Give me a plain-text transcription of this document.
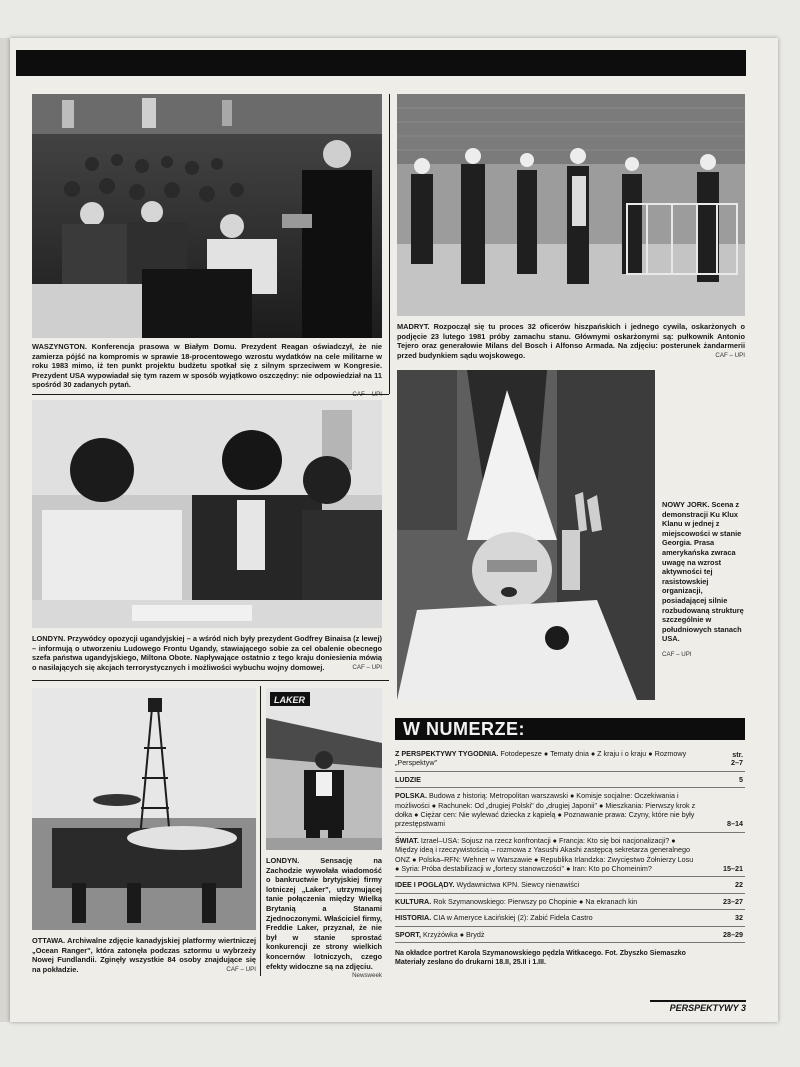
WASZYNGTON. Konferencja prasowa w Białym Domu. Prezydent Reagan oświadczył, że nie zamierza pójść na kompromis w sprawie 18-procentowego wzrostu wydatków na cele militarne w roku 1983 mimo, iż ten punkt projektu budżetu spotkał się z silnym sprzeciwem w Kongresie. Prezydent USA wypowiadał się tym razem w sposób wyjątkowo oszczędny: nie odpowiedział na 11 spośród 30 zadanych pytań.
MADRYT. Rozpoczął się tu proces 32 oficerów hiszpańskich i jednego cywila, oskarżonych o podjęcie 23 lutego 1981 próby zamachu stanu. Głównymi oskarżonymi są: pułkownik Antonio Tejero oraz generałowie Milans del Bosch i Alfonso Armada. Na zdjęciu: posterunek żandarmerii przed budynkiem sądu wojskowego.	CAF – UPI
LONDYN. Przywódcy opozycji ugandyjskiej – a wśród nich były prezydent Godfrey Binaisa (z lewej) – informują o utworzeniu Ludowego Frontu Ugandy, stawiającego sobie za cel obalenie obecnego szefa państwa ugandyjskiego, Miltona Obote. Napływające ostatnio z tego kraju doniesienia mówią o nasilających się akcjach terrorystycznych i możliwości wybuchu wojny domowej.	CAF – UPI
NOWY JORK. Scena z demonstracji Ku Klux Klanu w jednej z miejscowości w stanie Georgia. Prasa amerykańska zwraca uwagę na wzrost aktywności tej rasistowskiej organizacji, posiadającej silnie rozbudowaną strukturę szczególnie w południowych stanach USA.
CAF – UPI
OTTAWA. Archiwalne zdjęcie kanadyjskiej platformy wiertniczej „Ocean Ranger", która zatonęła podczas sztormu u wybrzeży Nowej Fundlandii. Zginęły wszystkie 84 osoby znajdujące się na pokładzie.	CAF – UPI
LAKER
LONDYN. Sensację na Zachodzie wywołała wiadomość o bankructwie brytyjskiej firmy lotniczej „Laker", utrzymującej tanie połączenia między Wielką Brytanią a Stanami Zjednoczonymi. Właściciel firmy, Freddie Laker, przyznał, że nie był w stanie sprostać konkurencji ze strony wielkich koncernów lotniczych, czego efekty widoczne są na zdjęciu.
Newsweek
W NUMERZE:
str.
Z PERSPEKTYWY TYGODNIA. Fotodepesze ● Tematy dnia ● Z kraju i o kraju ● Rozmowy „Perspektyw"	2–7
LUDZIE	5
POLSKA. Budowa z historią: Metropolitan warszawski ● Komisje socjalne: Oczekiwania i możliwości ● Rachunek: Od „drugiej Polski" do „drugiej Japonii" ● Mieszkania: Pierwszy krok z dołka ● Ciężar cen: Nie wylewać dziecka z kąpielą ● Poznawanie prawa: Czyny, które nie były przestępstwami	8–14
ŚWIAT. Izrael–USA: Sojusz na rzecz konfrontacji ● Francja: Kto się boi nacjonalizacji? ● Między ideą i rzeczywistością – rozmowa z Yasushi Akashi zastępcą sekretarza generalnego ONZ ● Polska–RFN: Wehner w Warszawie ● Republika Irlandzka: Zwycięstwo Żołnierzy Losu ● Syria: Próba destabilizacji w „fortecy stanowczości" ● Iran: Kto po Chomeinim?	15–21
IDEE I POGLĄDY. Wydawnictwa KPN. Siewcy nienawiści	22
KULTURA. Rok Szymanowskiego: Pierwszy po Chopinie ● Na ekranach kin	23–27
HISTORIA. CIA w Ameryce Łacińskiej (2): Zabić Fidela Castro	32
SPORT, Krzyżówka ● Brydż	28–29
Na okładce portret Karola Szymanowskiego pędzla Witkacego. Fot. Zbyszko Siemaszko
Materiały zesłano do drukarni 18.II, 25.II i 1.III.
PERSPEKTYWY 3
